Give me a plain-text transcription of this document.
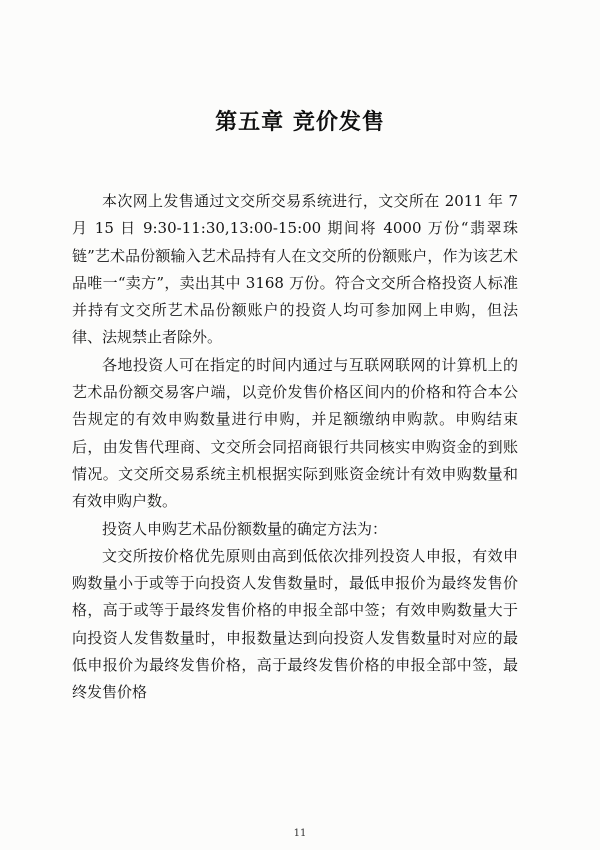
第五章 竞价发售

本次网上发售通过文交所交易系统进行，文交所在 2011 年 7 月 15 日 9:30-11:30,13:00-15:00 期间将 4000 万份“翡翠珠链”艺术品份额输入艺术品持有人在文交所的份额账户，作为该艺术品唯一“卖方”，卖出其中 3168 万份。符合文交所合格投资人标准并持有文交所艺术品份额账户的投资人均可参加网上申购，但法律、法规禁止者除外。

各地投资人可在指定的时间内通过与互联网联网的计算机上的艺术品份额交易客户端，以竞价发售价格区间内的价格和符合本公告规定的有效申购数量进行申购，并足额缴纳申购款。申购结束后，由发售代理商、文交所会同招商银行共同核实申购资金的到账情况。文交所交易系统主机根据实际到账资金统计有效申购数量和有效申购户数。

投资人申购艺术品份额数量的确定方法为：

文交所按价格优先原则由高到低依次排列投资人申报，有效申购数量小于或等于向投资人发售数量时，最低申报价为最终发售价格，高于或等于最终发售价格的申报全部中签；有效申购数量大于向投资人发售数量时，申报数量达到向投资人发售数量时对应的最低申报价为最终发售价格，高于最终发售价格的申报全部中签，最终发售价格

11
